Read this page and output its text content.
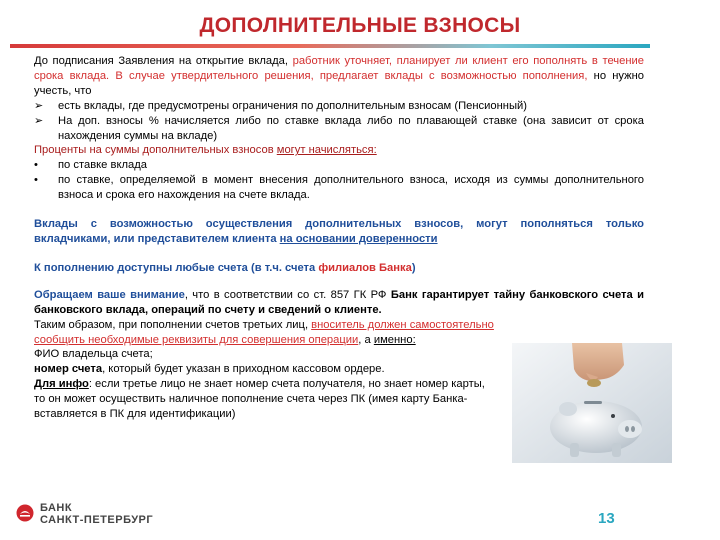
ДОПОЛНИТЕЛЬНЫЕ ВЗНОСЫ

До подписания Заявления на открытие вклада, работник уточняет, планирует ли клиент его пополнять в течение срока вклада. В случае утвердительного решения, предлагает вклады с возможностью пополнения, но нужно учесть, что

➢ есть вклады, где предусмотрены ограничения по дополнительным взносам (Пенсионный)
➢ На доп. взносы % начисляется либо по ставке вклада либо по плавающей ставке (она зависит от срока нахождения суммы на вкладе)

Проценты на суммы дополнительных взносов могут начисляться:

• по ставке вклада
• по ставке, определяемой в момент внесения дополнительного взноса, исходя из суммы дополнительного взноса и срока его нахождения на счете вклада.

Вклады с возможностью осуществления дополнительных взносов, могут пополняться только вкладчиками, или представителем клиента на основании доверенности

К пополнению доступны любые счета (в т.ч. счета филиалов Банка)

Обращаем ваше внимание, что в соответствии со ст. 857 ГК РФ Банк гарантирует тайну банковского счета и банковского вклада, операций по счету и сведений о клиенте.

Таким образом, при пополнении счетов третьих лиц, вноситель должен самостоятельно сообщить необходимые реквизиты для совершения операции, а именно:

ФИО владельца счета;

номер счета, который будет указан в приходном кассовом ордере.

Для инфо: если третье лицо не знает номер счета получателя, но знает номер карты, то он может осуществить наличное пополнение счета через ПК (имея карту Банка-вставляется в ПК для идентификации)

БАНК
САНКТ-ПЕТЕРБУРГ	13
